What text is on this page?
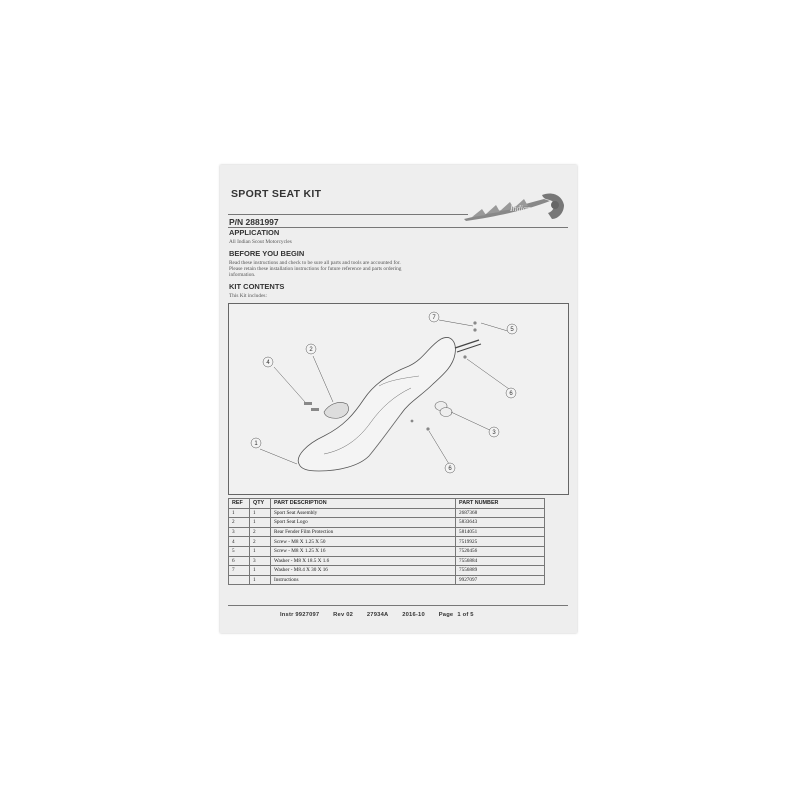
SPORT SEAT KIT
Indian
P/N 2881997
APPLICATION
All Indian Scout Motorcycles
BEFORE YOU BEGIN
Read these instructions and check to be sure all parts and tools are accounted for.
Please retain these installation instructions for future reference and parts ordering
information.
KIT CONTENTS
This Kit includes:
1
2
3
4
5
6
6
7
REF	QTY	PART DESCRIPTION	PART NUMBER
1	1	Sport Seat Assembly	2687368
2	1	Sport Seat Logo	5833643
3	2	Rear Fender Film Protection	5814051
4	2	Screw - M8 X 1.25 X 50	7519925
5	1	Screw - M8 X 1.25 X 16	7520456
6	3	Washer - M8 X 18.5 X 1.6	7556884
7	1	Washer - M8.4 X 30 X 16	7556889
	1	Instructions	9927097
Instr 9927097 Rev 02 27934A 2016-10 Page 1 of 5
